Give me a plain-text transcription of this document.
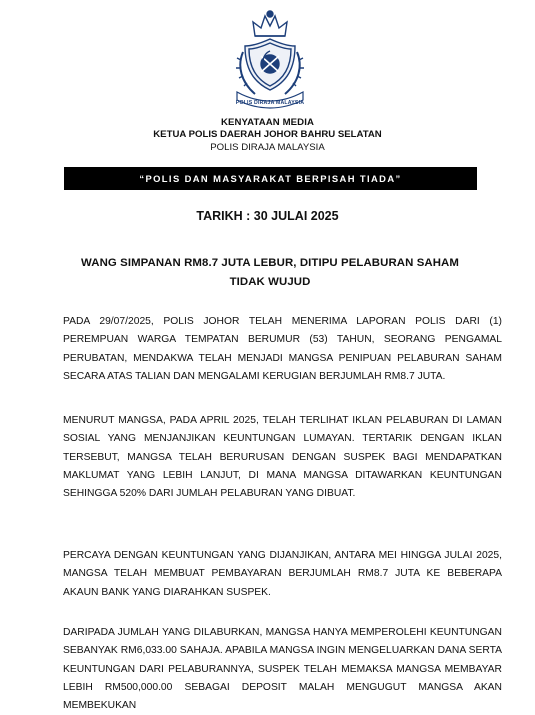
POLIS DIRAJA MALAYSIA
KENYATAAN MEDIA
KETUA POLIS DAERAH JOHOR BAHRU SELATAN
POLIS DIRAJA MALAYSIA
“POLIS DAN MASYARAKAT BERPISAH TIADA”
TARIKH : 30 JULAI 2025
WANG SIMPANAN RM8.7 JUTA LEBUR, DITIPU PELABURAN SAHAM TIDAK WUJUD
PADA 29/07/2025, POLIS JOHOR TELAH MENERIMA LAPORAN POLIS DARI (1) PEREMPUAN WARGA TEMPATAN BERUMUR (53) TAHUN, SEORANG PENGAMAL PERUBATAN, MENDAKWA TELAH MENJADI MANGSA PENIPUAN PELABURAN SAHAM SECARA ATAS TALIAN DAN MENGALAMI KERUGIAN BERJUMLAH RM8.7 JUTA.
MENURUT MANGSA, PADA APRIL 2025, TELAH TERLIHAT IKLAN PELABURAN DI LAMAN SOSIAL YANG MENJANJIKAN KEUNTUNGAN LUMAYAN. TERTARIK DENGAN IKLAN TERSEBUT, MANGSA TELAH BERURUSAN DENGAN SUSPEK BAGI MENDAPATKAN MAKLUMAT YANG LEBIH LANJUT, DI MANA MANGSA DITAWARKAN KEUNTUNGAN SEHINGGA 520% DARI JUMLAH PELABURAN YANG DIBUAT.
PERCAYA DENGAN KEUNTUNGAN YANG DIJANJIKAN, ANTARA MEI HINGGA JULAI 2025, MANGSA TELAH MEMBUAT PEMBAYARAN BERJUMLAH RM8.7 JUTA KE BEBERAPA AKAUN BANK YANG DIARAHKAN SUSPEK.
DARIPADA JUMLAH YANG DILABURKAN, MANGSA HANYA MEMPEROLEHI KEUNTUNGAN SEBANYAK RM6,033.00 SAHAJA. APABILA MANGSA INGIN MENGELUARKAN DANA SERTA KEUNTUNGAN DARI PELABURANNYA, SUSPEK TELAH MEMAKSA MANGSA MEMBAYAR LEBIH RM500,000.00 SEBAGAI DEPOSIT MALAH MENGUGUT MANGSA AKAN MEMBEKUKAN
